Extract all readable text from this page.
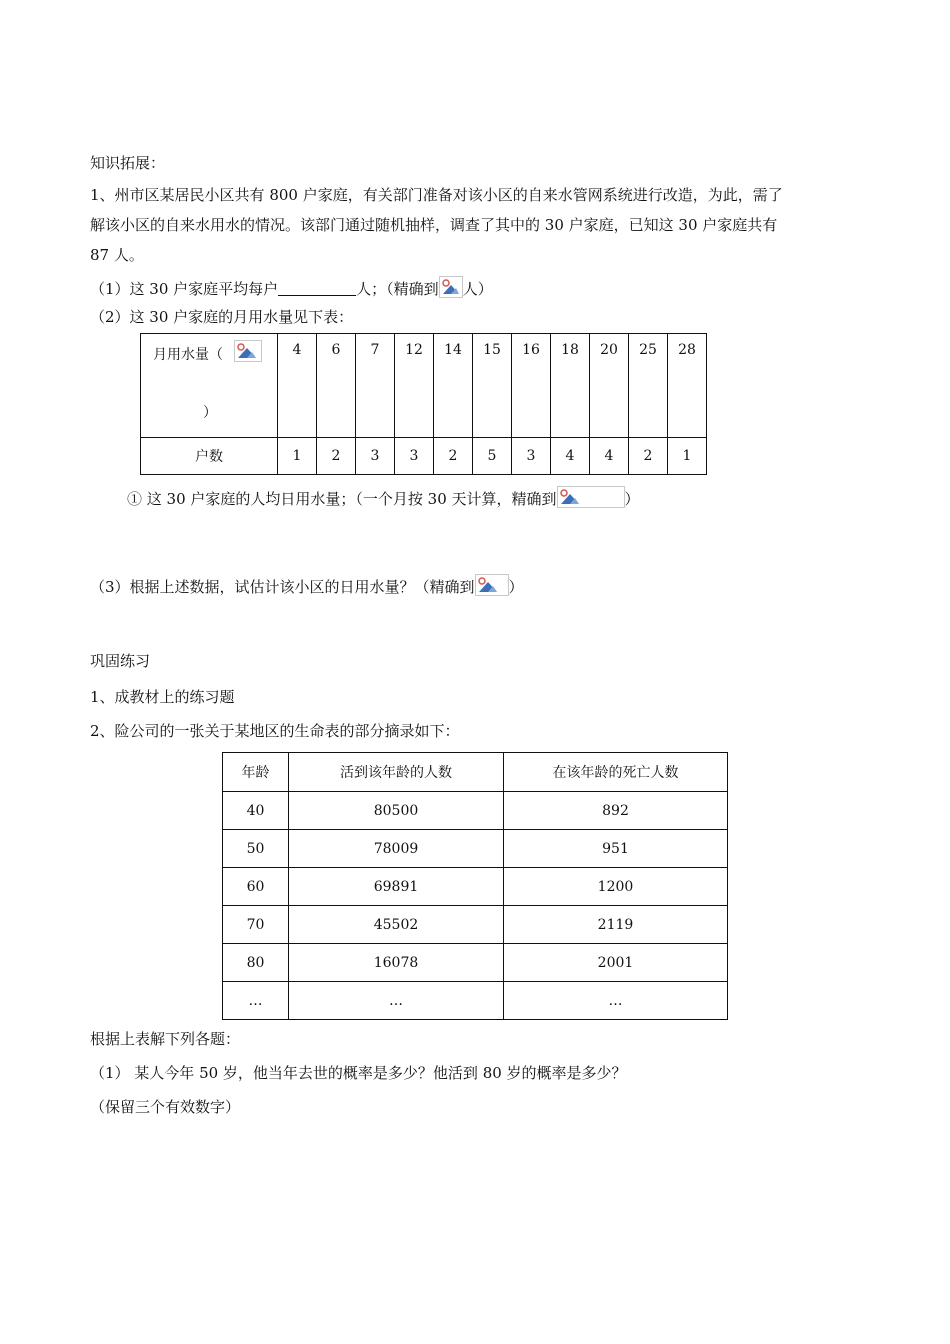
知识拓展：
1、州市区某居民小区共有 800 户家庭，有关部门准备对该小区的自来水管网系统进行改造，为此，需了
解该小区的自来水用水的情况。该部门通过随机抽样，调查了其中的 30 户家庭，已知这 30 户家庭共有
87 人。
（1）这 30 户家庭平均每户	人；（精确到 人）
（2）这 30 户家庭的月用水量见下表：
月用水量（
）	4	6	7	12	14	15	16	18	20	25	28
户数	1	2	3	3	2	5	3	4	4	2	1
① 这 30 户家庭的人均日用水量；（一个月按 30 天计算，精确到	）
（3）根据上述数据，试估计该小区的日用水量？（精确到 ）
巩固练习
1、成教材上的练习题
2、险公司的一张关于某地区的生命表的部分摘录如下：
年龄	活到该年龄的人数	在该年龄的死亡人数
40	80500	892
50	78009	951
60	69891	1200
70	45502	2119
80	16078	2001
…	…	…
根据上表解下列各题：
（1） 某人今年 50 岁，他当年去世的概率是多少？他活到 80 岁的概率是多少？
（保留三个有效数字）
